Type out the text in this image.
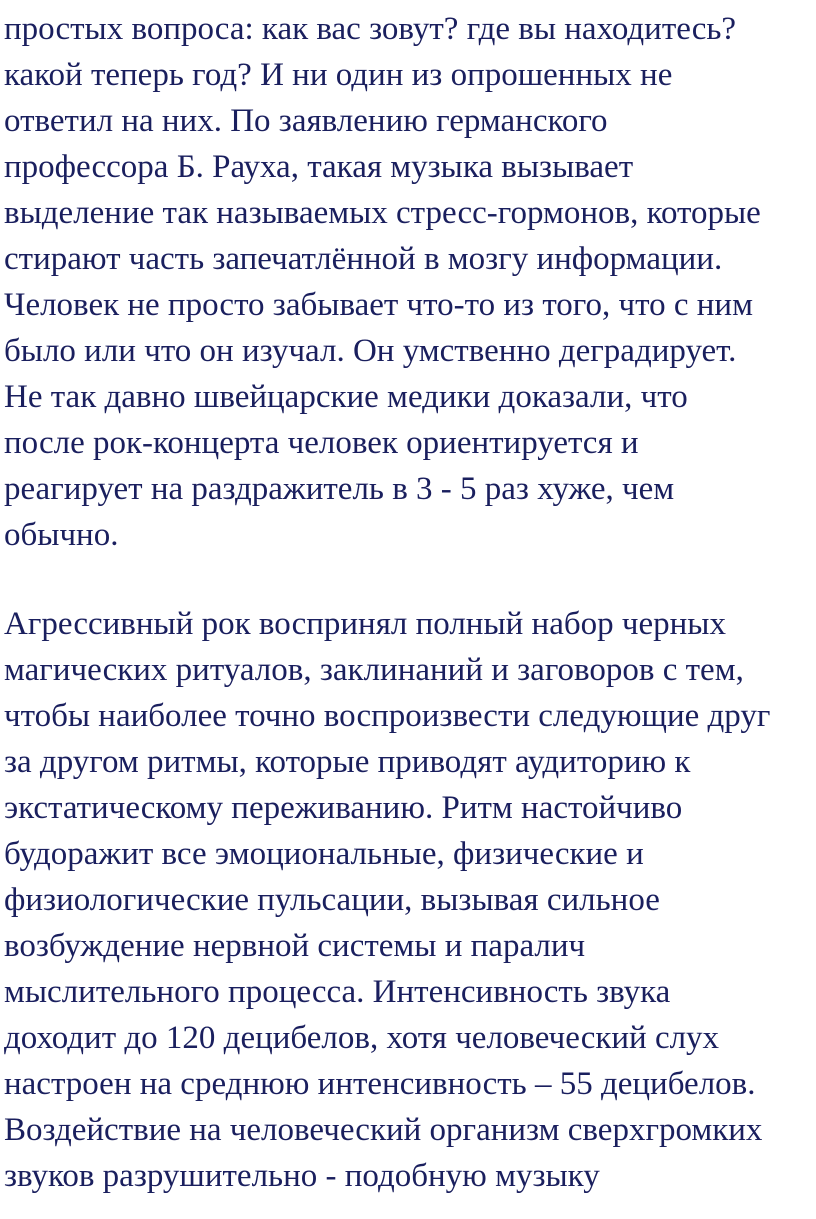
простых вопроса: как вас зовут? где вы находитесь?
какой теперь год? И ни один из опрошенных не
ответил на них. По заявлению германского
профессора Б. Рауха, такая музыка вызывает
выделение так называемых стресс-гормонов, которые
стирают часть запечатлённой в мозгу информации.
Человек не просто забывает что-то из того, что с ним
было или что он изучал. Он умственно деградирует.
Не так давно швейцарские медики доказали, что
после рок-концерта человек ориентируется и
реагирует на раздражитель в 3 - 5 раз хуже, чем
обычно.
Агрессивный рок воспринял полный набор черных
магических ритуалов, заклинаний и заговоров с тем,
чтобы наиболее точно воспроизвести следующие друг
за другом ритмы, которые приводят аудиторию к
экстатическому переживанию. Ритм настойчиво
будоражит все эмоциональные, физические и
физиологические пульсации, вызывая сильное
возбуждение нервной системы и паралич
мыслительного процесса. Интенсивность звука
доходит до 120 децибелов, хотя человеческий слух
настроен на среднюю интенсивность – 55 децибелов.
Воздействие на человеческий организм сверхгромких
звуков разрушительно - подобную музыку
